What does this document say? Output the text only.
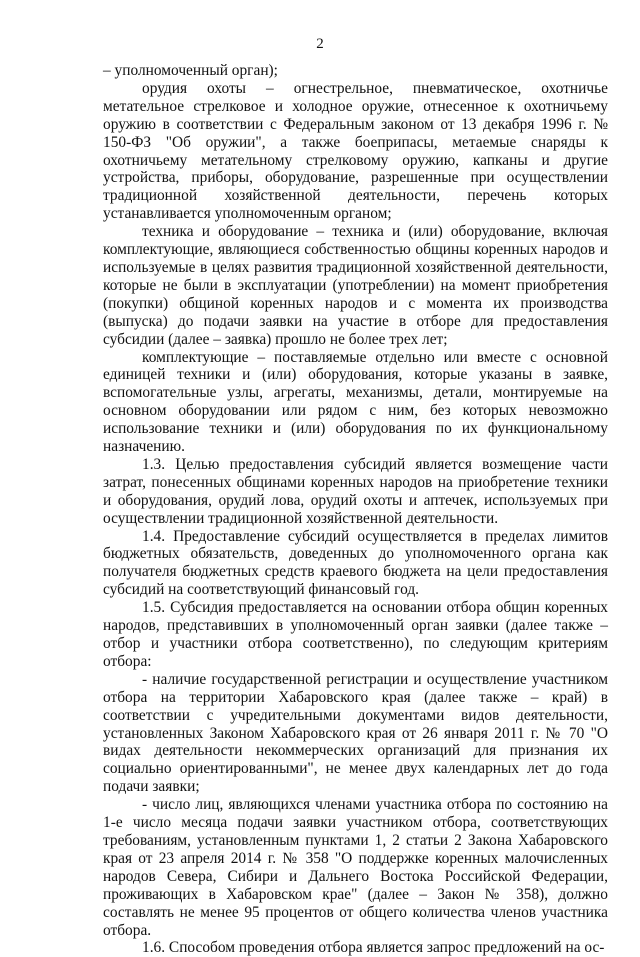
2

– уполномоченный орган);

орудия охоты – огнестрельное, пневматическое, охотничье метательное стрелковое и холодное оружие, отнесенное к охотничьему оружию в соответствии с Федеральным законом от 13 декабря 1996 г. № 150-ФЗ "Об оружии", а также боеприпасы, метаемые снаряды к охотничьему метательному стрелковому оружию, капканы и другие устройства, приборы, оборудование, разрешенные при осуществлении традиционной хозяйственной деятельности, перечень которых устанавливается уполномоченным органом;

техника и оборудование – техника и (или) оборудование, включая комплектующие, являющиеся собственностью общины коренных народов и используемые в целях развития традиционной хозяйственной деятельности, которые не были в эксплуатации (употреблении) на момент приобретения (покупки) общиной коренных народов и с момента их производства (выпуска) до подачи заявки на участие в отборе для предоставления субсидии (далее – заявка) прошло не более трех лет;

комплектующие – поставляемые отдельно или вместе с основной единицей техники и (или) оборудования, которые указаны в заявке, вспомогательные узлы, агрегаты, механизмы, детали, монтируемые на основном оборудовании или рядом с ним, без которых невозможно использование техники и (или) оборудования по их функциональному назначению.

1.3. Целью предоставления субсидий является возмещение части затрат, понесенных общинами коренных народов на приобретение техники и оборудования, орудий лова, орудий охоты и аптечек, используемых при осуществлении традиционной хозяйственной деятельности.

1.4. Предоставление субсидий осуществляется в пределах лимитов бюджетных обязательств, доведенных до уполномоченного органа как получателя бюджетных средств краевого бюджета на цели предоставления субсидий на соответствующий финансовый год.

1.5. Субсидия предоставляется на основании отбора общин коренных народов, представивших в уполномоченный орган заявки (далее также – отбор и участники отбора соответственно), по следующим критериям отбора:

- наличие государственной регистрации и осуществление участником отбора на территории Хабаровского края (далее также – край) в соответствии с учредительными документами видов деятельности, установленных Законом Хабаровского края от 26 января 2011 г. № 70 "О видах деятельности некоммерческих организаций для признания их социально ориентированными", не менее двух календарных лет до года подачи заявки;

- число лиц, являющихся членами участника отбора по состоянию на 1-е число месяца подачи заявки участником отбора, соответствующих требованиям, установленным пунктами 1, 2 статьи 2 Закона Хабаровского края от 23 апреля 2014 г. № 358 "О поддержке коренных малочисленных народов Севера, Сибири и Дальнего Востока Российской Федерации, проживающих в Хабаровском крае" (далее – Закон № 358), должно составлять не менее 95 процентов от общего количества членов участника отбора.

1.6. Способом проведения отбора является запрос предложений на ос-
